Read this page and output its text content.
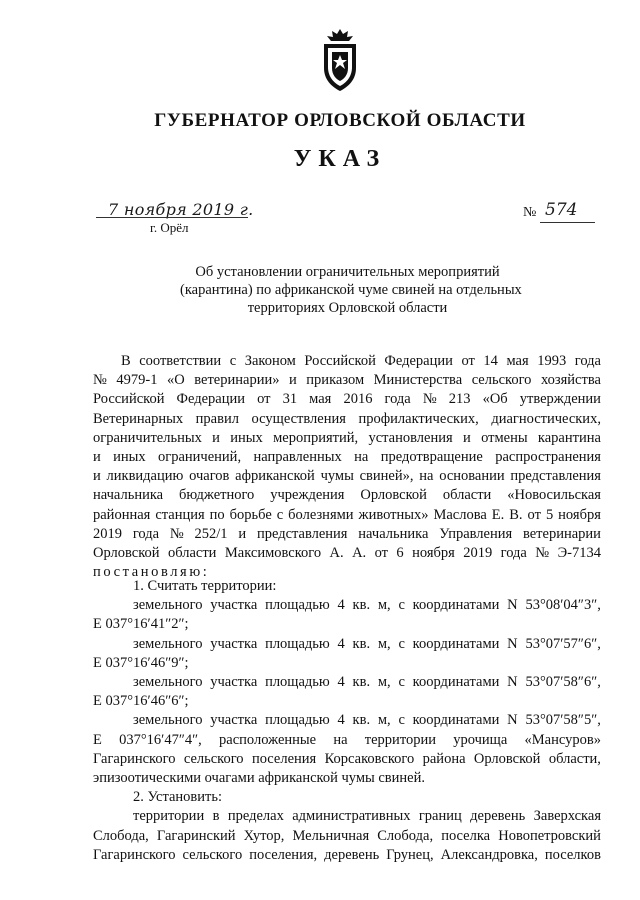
ГУБЕРНАТОР ОРЛОВСКОЙ ОБЛАСТИ
УКАЗ
7 ноября 2019 г.
г. Орёл
№ 574
Об установлении ограничительных мероприятий
(карантина) по африканской чуме свиней на отдельных
территориях Орловской области
В соответствии с Законом Российской Федерации от 14 мая 1993 года
№ 4979-1 «О ветеринарии» и приказом Министерства сельского хозяйства
Российской Федерации от 31 мая 2016 года № 213 «Об утверждении
Ветеринарных правил осуществления профилактических, диагностических,
ограничительных и иных мероприятий, установления и отмены карантина
и иных ограничений, направленных на предотвращение распространения
и ликвидацию очагов африканской чумы свиней», на основании представления
начальника бюджетного учреждения Орловской области «Новосильская
районная станция по борьбе с болезнями животных» Маслова Е. В. от 5 ноября
2019 года № 252/1 и представления начальника Управления ветеринарии
Орловской области Максимовского А. А. от 6 ноября 2019 года № Э-7134
постановляю:
1. Считать территории:
земельного участка площадью 4 кв. м, с координатами N 53°08′04″3″,
E 037°16′41″2″;
земельного участка площадью 4 кв. м, с координатами N 53°07′57″6″,
E 037°16′46″9″;
земельного участка площадью 4 кв. м, с координатами N 53°07′58″6″,
E 037°16′46″6″;
земельного участка площадью 4 кв. м, с координатами N 53°07′58″5″,
E 037°16′47″4″, расположенные на территории урочища «Мансуров»
Гагаринского сельского поселения Корсаковского района Орловской области,
эпизоотическими очагами африканской чумы свиней.
2. Установить:
территории в пределах административных границ деревень Заверхская
Слобода, Гагаринский Хутор, Мельничная Слобода, поселка Новопетровский
Гагаринского сельского поселения, деревень Грунец, Александровка, поселков
